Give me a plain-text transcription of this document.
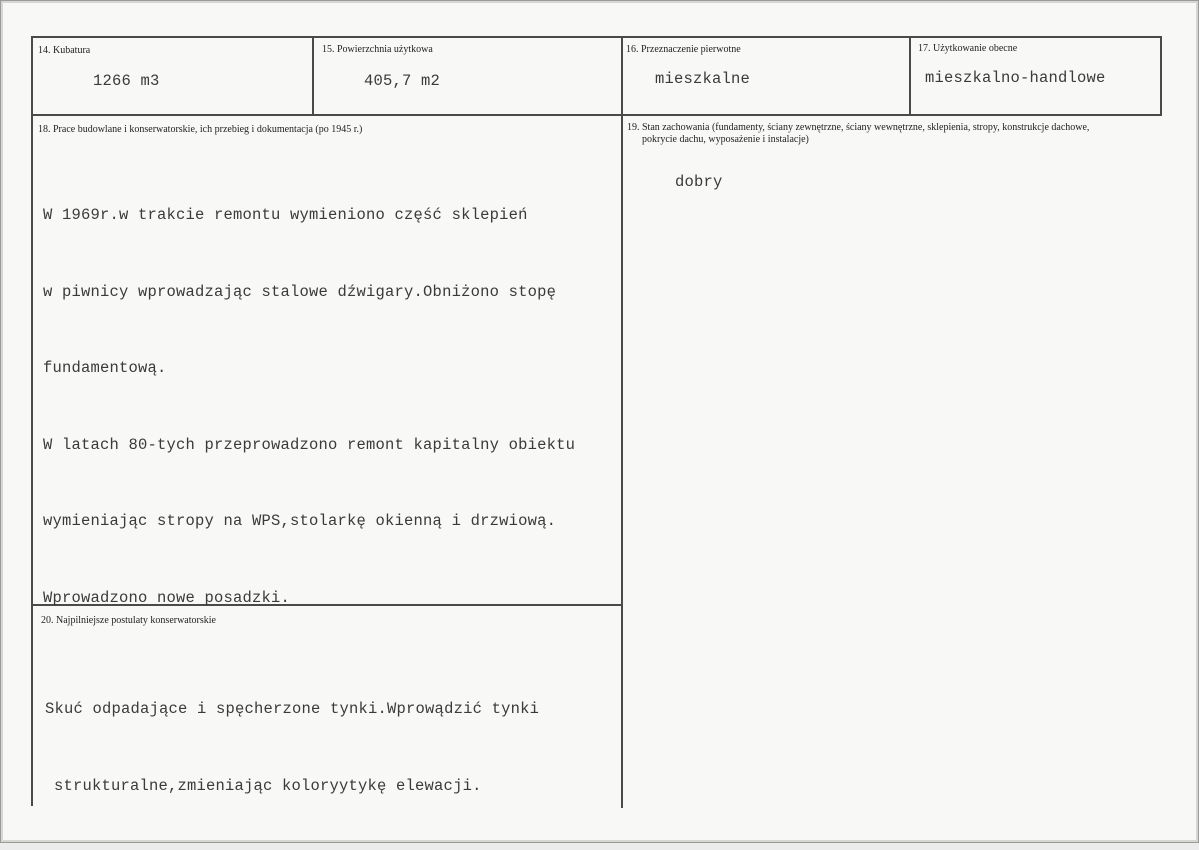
14. Kubatura
1266 m3
15. Powierzchnia użytkowa
405,7 m2
16. Przeznaczenie pierwotne
mieszkalne
17. Użytkowanie obecne
mieszkalno-handlowe
18. Prace budowlane i konserwatorskie, ich przebieg i dokumentacja (po 1945 r.)

W 1969r.w trakcie remontu wymieniono część sklepień

w piwnicy wprowadzając stalowe dźwigary.Obniżono stopę

fundamentową.

W latach 80-tych przeprowadzono remont kapitalny obiektu

wymieniając stropy na WPS,stolarkę okienną i drzwiową.

Wprowadzono nowe posadzki.

19. Stan zachowania (fundamenty, ściany zewnętrzne, ściany wewnętrzne, sklepienia, stropy, konstrukcje dachowe,
pokrycie dachu, wyposażenie i instalacje)
dobry
20. Najpilniejsze postulaty konserwatorskie

Skuć odpadające i spęcherzone tynki.Wprowądzić tynki

strukturalne,zmieniając koloryytykę elewacji.
